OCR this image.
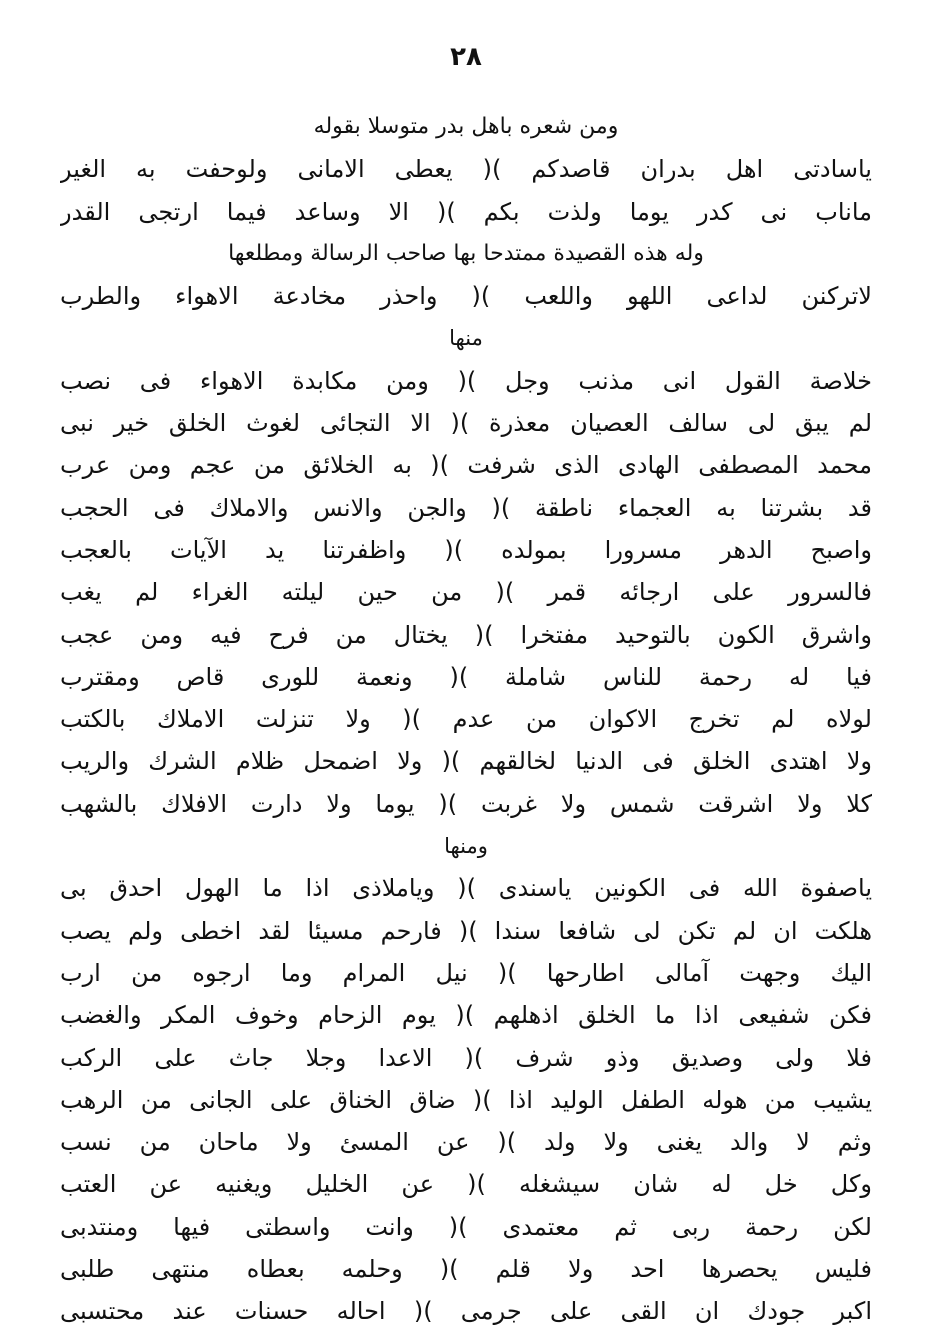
٢٨
ومن شعره باهل بدر متوسلا بقوله
ياسادتى اهل بدران قاصدكم )( يعطى الامانى ولوحفت به الغير
ماناب نى كدر يوما ولذت بكم )( الا وساعد فيما ارتجى القدر
وله هذه القصيدة ممتدحا بها صاحب الرسالة ومطلعها
لاتركنن لداعى اللهو واللعب )( واحذر مخادعة الاهواء والطرب
منها
خلاصة القول انى مذنب وجل )( ومن مكابدة الاهواء فى نصب
لم يبق لى سالف العصيان معذرة )( الا التجائى لغوث الخلق خير نبى
محمد المصطفى الهادى الذى شرفت )( به الخلائق من عجم ومن عرب
قد بشرتنا به العجماء ناطقة )( والجن والانس والاملاك فى الحجب
واصبح الدهر مسرورا بمولده )( واظفرتنا يد الآيات بالعجب
فالسرور على ارجائه قمر )( من حين ليلته الغراء لم يغب
واشرق الكون بالتوحيد مفتخرا )( يختال من فرح فيه ومن عجب
فيا له رحمة للناس شاملة )( ونعمة للورى قاص ومقترب
لولاه لم تخرج الاكوان من عدم )( ولا تنزلت الاملاك بالكتب
ولا اهتدى الخلق فى الدنيا لخالقهم )( ولا اضمحل ظلام الشرك والريب
كلا ولا اشرقت شمس ولا غربت )( يوما ولا دارت الافلاك بالشهب
ومنها
ياصفوة الله فى الكونين ياسندى )( وياملاذى اذا ما الهول احدق بى
هلكت ان لم تكن لى شافعا سندا )( فارحم مسيئا لقد اخطى ولم يصب
اليك وجهت آمالى اطارحها )( نيل المرام وما ارجوه من ارب
فكن شفيعى اذا ما الخلق اذهلهم )( يوم الزحام وخوف المكر والغضب
فلا ولى وصديق وذو شرف )( الاعدا وجلا جاث على الركب
يشيب من هوله الطفل الوليد اذا )( ضاق الخناق على الجانى من الرهب
وثم لا والد يغنى ولا ولد )( عن المسئ ولا ماحان من نسب
وكل خل له شان سيشغله )( عن الخليل ويغنيه عن العتب
لكن رحمة ربى ثم معتمدى )( وانت واسطتى فيها ومنتدبى
فليس يحصرها احد ولا قلم )( وحلمه بعطاه منتهى طلبى
اكبر جودك ان القى على جرمى )( احاله حسنات عند محتسبى
